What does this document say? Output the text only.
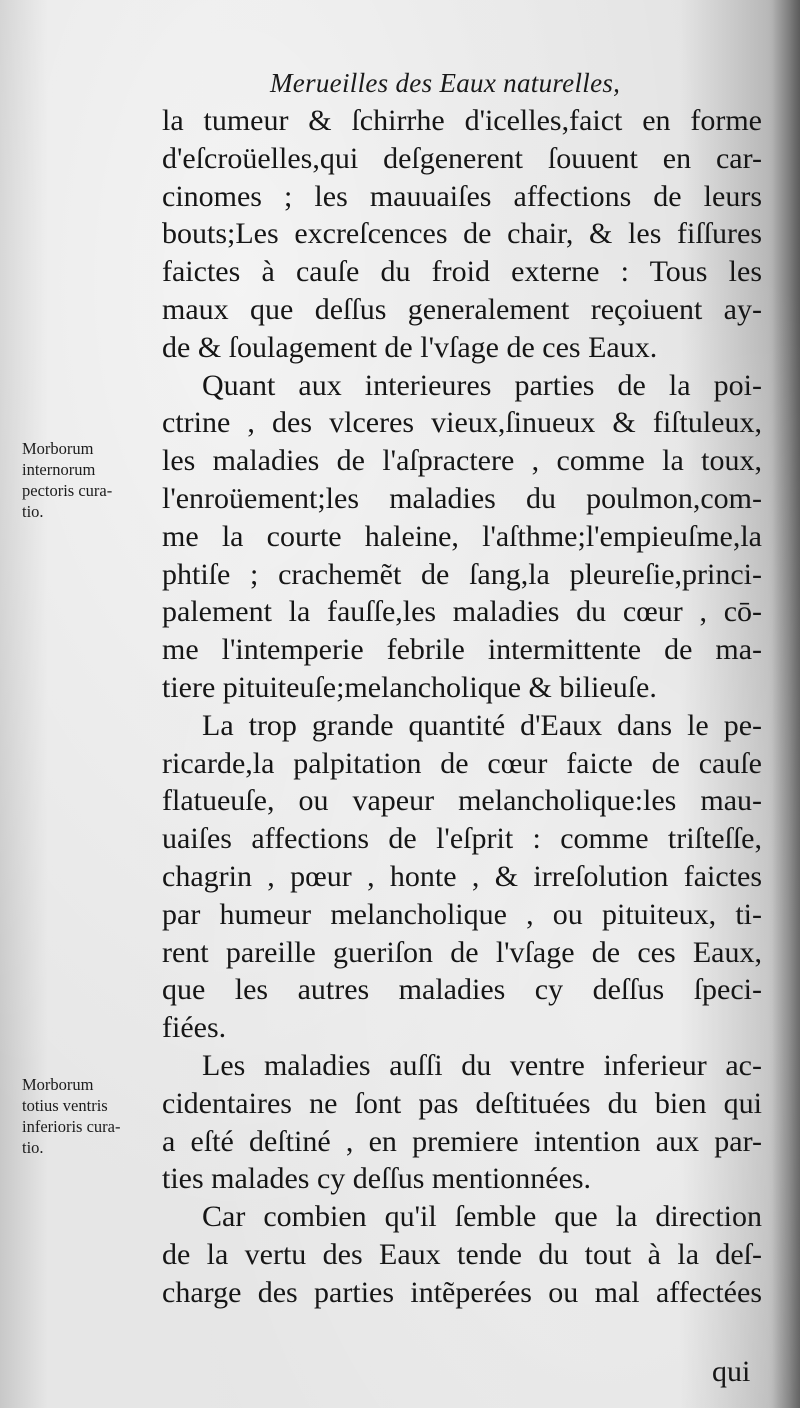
Merueilles des Eaux naturelles,
la tumeur & ſchirrhe d'icelles,faict en forme
d'eſcroüelles,qui deſgenerent ſouuent en car-
cinomes ; les mauuaiſes affections de leurs
bouts;Les excreſcences de chair, & les fiſſures
faictes à cauſe du froid externe : Tous les
maux que deſſus generalement reçoiuent ay-
de & ſoulagement de l'vſage de ces Eaux.
Quant aux interieures parties de la poi-
ctrine , des vlceres vieux,ſinueux & fiſtuleux,
les maladies de l'aſpractere , comme la toux,
l'enroüement;les maladies du poulmon,com-
me la courte haleine, l'aſthme;l'empieuſme,la
phtiſe ; crachemẽt de ſang,la pleureſie,princi-
palement la fauſſe,les maladies du cœur , cō-
me l'intemperie febrile intermittente de ma-
tiere pituiteuſe;melancholique & bilieuſe.
La trop grande quantité d'Eaux dans le pe-
ricarde,la palpitation de cœur faicte de cauſe
flatueuſe, ou vapeur melancholique:les mau-
uaiſes affections de l'eſprit : comme triſteſſe,
chagrin , pœur , honte , & irreſolution faictes
par humeur melancholique , ou pituiteux, ti-
rent pareille gueriſon de l'vſage de ces Eaux,
que les autres maladies cy deſſus ſpeci-
fiées.
Les maladies auſſi du ventre inferieur ac-
cidentaires ne ſont pas deſtituées du bien qui
a eſté deſtiné , en premiere intention aux par-
ties malades cy deſſus mentionnées.
Car combien qu'il ſemble que la direction
de la vertu des Eaux tende du tout à la deſ-
charge des parties intẽperées ou mal affectées
Morborum
internorum
pectoris cura-
tio.
Morborum
totius ventris
inferioris cura-
tio.
qui
